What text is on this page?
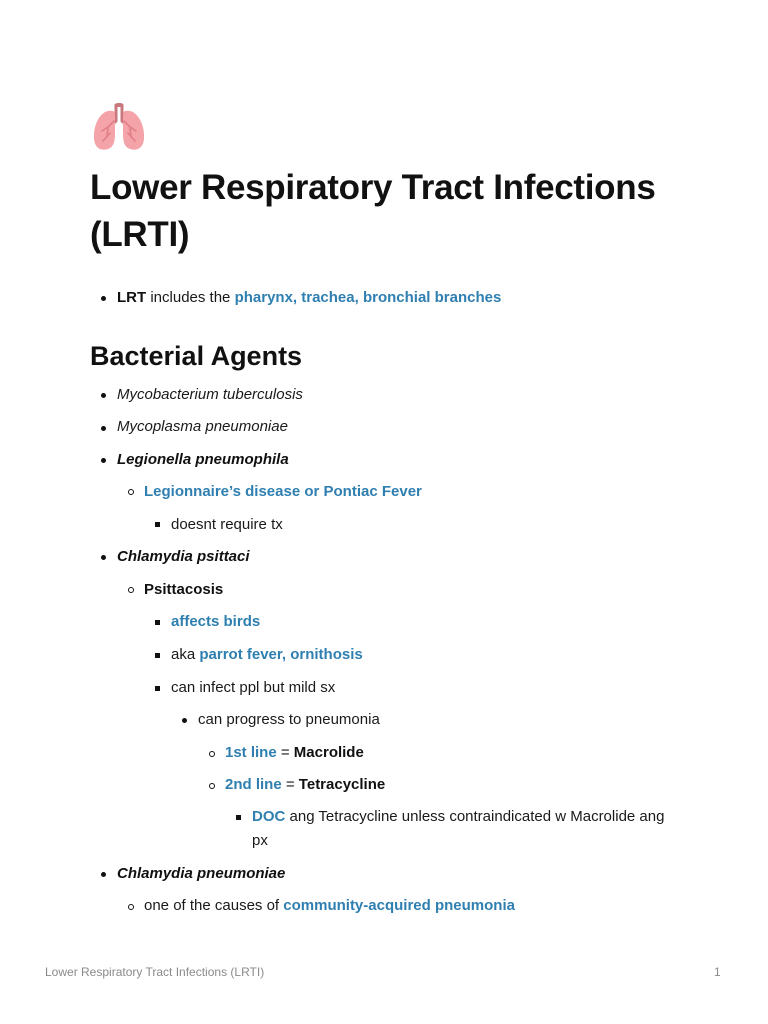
Lower Respiratory Tract Infections (LRTI)
LRT includes the pharynx, trachea, bronchial branches
Bacterial Agents
Mycobacterium tuberculosis
Mycoplasma pneumoniae
Legionella pneumophila
Legionnaire’s disease or Pontiac Fever
doesnt require tx
Chlamydia psittaci
Psittacosis
affects birds
aka parrot fever, ornithosis
can infect ppl but mild sx
can progress to pneumonia
1st line = Macrolide
2nd line = Tetracycline
DOC ang Tetracycline unless contraindicated w Macrolide ang px
Chlamydia pneumoniae
one of the causes of community-acquired pneumonia
Lower Respiratory Tract Infections (LRTI)	1
